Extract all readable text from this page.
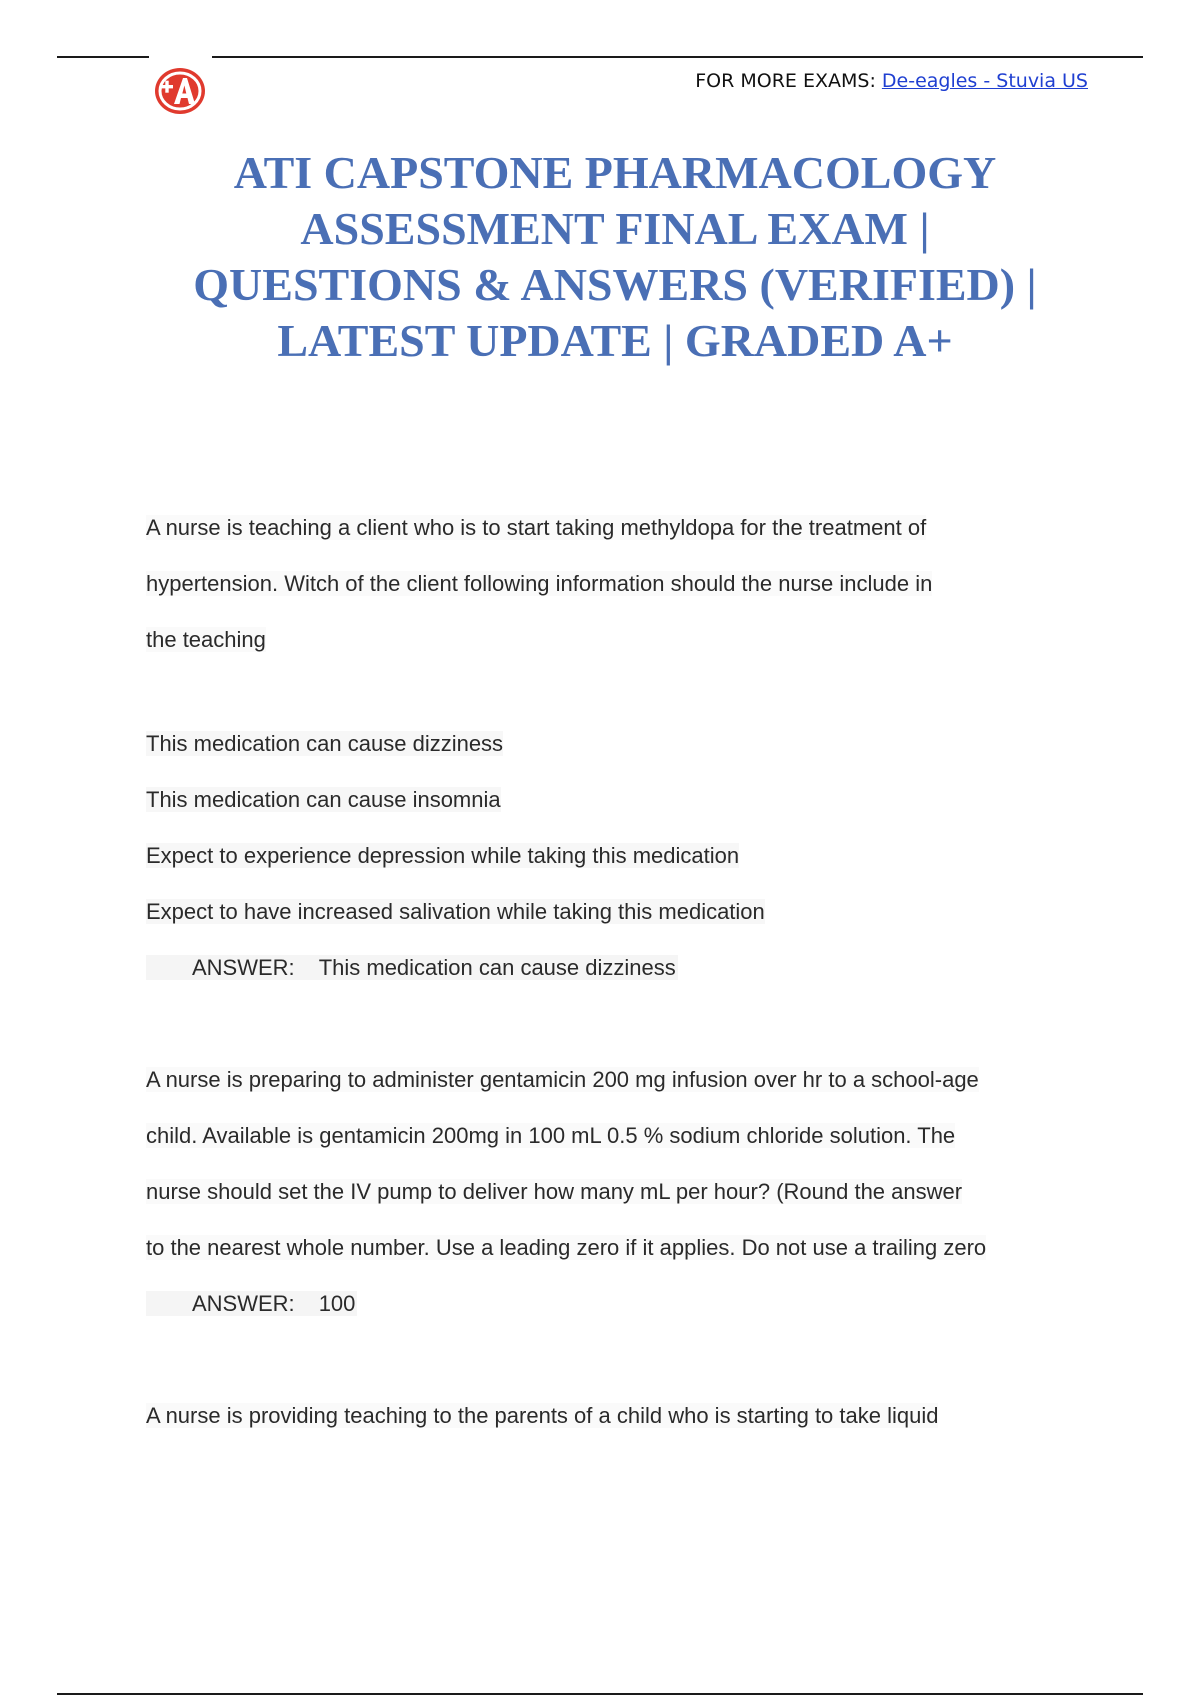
FOR MORE EXAMS: De-eagles - Stuvia US
ATI CAPSTONE PHARMACOLOGY
ASSESSMENT FINAL EXAM |
QUESTIONS & ANSWERS (VERIFIED) |
LATEST UPDATE | GRADED A+
A nurse is teaching a client who is to start taking methyldopa for the treatment of
hypertension. Witch of the client following information should the nurse include in
the teaching
This medication can cause dizziness
This medication can cause insomnia
Expect to experience depression while taking this medication
Expect to have increased salivation while taking this medication
ANSWER: This medication can cause dizziness
A nurse is preparing to administer gentamicin 200 mg infusion over hr to a school-age
child. Available is gentamicin 200mg in 100 mL 0.5 % sodium chloride solution. The
nurse should set the IV pump to deliver how many mL per hour? (Round the answer
to the nearest whole number. Use a leading zero if it applies. Do not use a trailing zero
ANSWER: 100
A nurse is providing teaching to the parents of a child who is starting to take liquid
